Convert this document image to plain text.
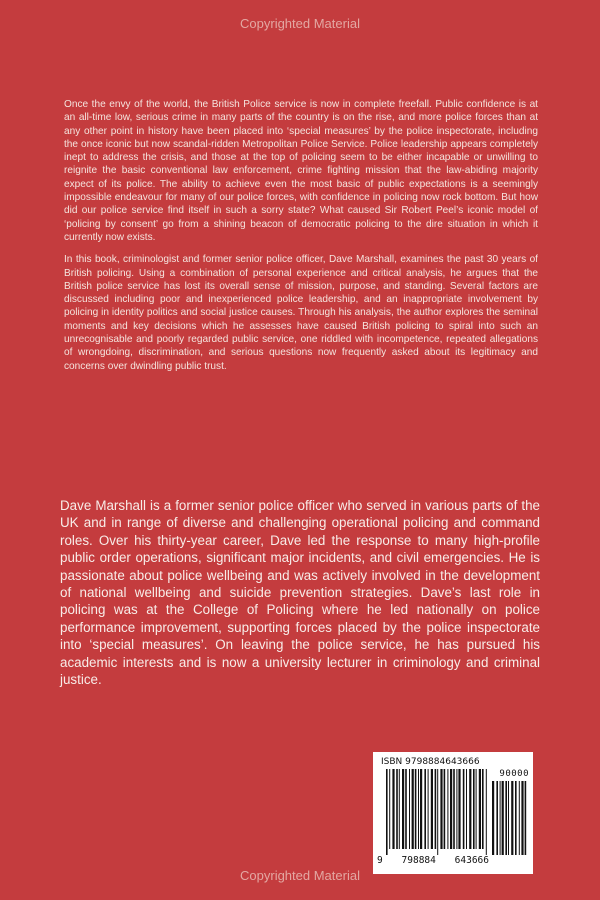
Copyrighted Material

Once the envy of the world, the British Police service is now in complete freefall. Public confidence is at an all-time low, serious crime in many parts of the country is on the rise, and more police forces than at any other point in history have been placed into ‘special measures’ by the police inspectorate, including the once iconic but now scandal-ridden Metropolitan Police Service. Police leadership appears completely inept to address the crisis, and those at the top of policing seem to be either incapable or unwilling to reignite the basic conventional law enforcement, crime fighting mission that the law-abiding majority expect of its police. The ability to achieve even the most basic of public expectations is a seemingly impossible endeavour for many of our police forces, with confidence in policing now rock bottom. But how did our police service find itself in such a sorry state? What caused Sir Robert Peel’s iconic model of ‘policing by consent’ go from a shining beacon of democratic policing to the dire situation in which it currently now exists.

In this book, criminologist and former senior police officer, Dave Marshall, examines the past 30 years of British policing. Using a combination of personal experience and critical analysis, he argues that the British police service has lost its overall sense of mission, purpose, and standing. Several factors are discussed including poor and inexperienced police leadership, and an inappropriate involvement by policing in identity politics and social justice causes. Through his analysis, the author explores the seminal moments and key decisions which he assesses have caused British policing to spiral into such an unrecognisable and poorly regarded public service, one riddled with incompetence, repeated allegations of wrongdoing, discrimination, and serious questions now frequently asked about its legitimacy and concerns over dwindling public trust.

Dave Marshall is a former senior police officer who served in various parts of the UK and in range of diverse and challenging operational policing and command roles. Over his thirty-year career, Dave led the response to many high-profile public order operations, significant major incidents, and civil emergencies. He is passionate about police wellbeing and was actively involved in the development of national wellbeing and suicide prevention strategies. Dave’s last role in policing was at the College of Policing where he led nationally on police performance improvement, supporting forces placed by the police inspectorate into ‘special measures’. On leaving the police service, he has pursued his academic interests and is now a university lecturer in criminology and criminal justice.
ISBN 9798884643666
90000
9 798884 643666
Copyrighted Material
